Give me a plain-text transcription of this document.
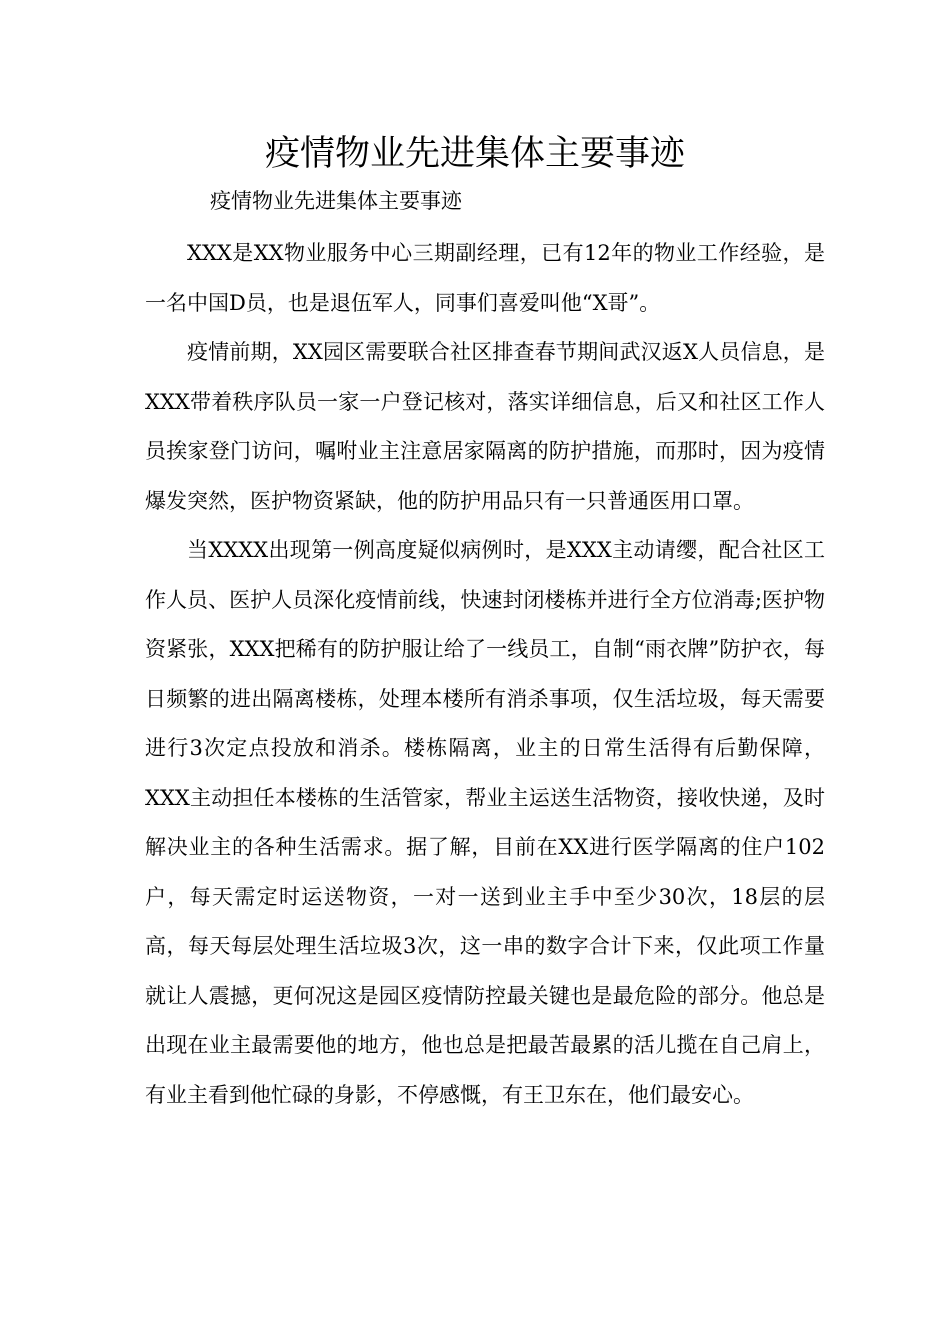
疫情物业先进集体主要事迹

疫情物业先进集体主要事迹

XXX是XX物业服务中心三期副经理，已有12年的物业工作经验，是一名中国D员，也是退伍军人，同事们喜爱叫他“X哥”。

疫情前期，XX园区需要联合社区排查春节期间武汉返X人员信息，是XXX带着秩序队员一家一户登记核对，落实详细信息，后又和社区工作人员挨家登门访问，嘱咐业主注意居家隔离的防护措施，而那时，因为疫情爆发突然，医护物资紧缺，他的防护用品只有一只普通医用口罩。

当XXXX出现第一例高度疑似病例时，是XXX主动请缨，配合社区工作人员、医护人员深化疫情前线，快速封闭楼栋并进行全方位消毒;医护物资紧张，XXX把稀有的防护服让给了一线员工，自制“雨衣牌”防护衣，每日频繁的进出隔离楼栋，处理本楼所有消杀事项，仅生活垃圾，每天需要进行3次定点投放和消杀。楼栋隔离，业主的日常生活得有后勤保障，XXX主动担任本楼栋的生活管家，帮业主运送生活物资，接收快递，及时解决业主的各种生活需求。据了解，目前在XX进行医学隔离的住户102户，每天需定时运送物资，一对一送到业主手中至少30次，18层的层高，每天每层处理生活垃圾3次，这一串的数字合计下来，仅此项工作量就让人震撼，更何况这是园区疫情防控最关键也是最危险的部分。他总是出现在业主最需要他的地方，他也总是把最苦最累的活儿揽在自己肩上，有业主看到他忙碌的身影，不停感慨，有王卫东在，他们最安心。
